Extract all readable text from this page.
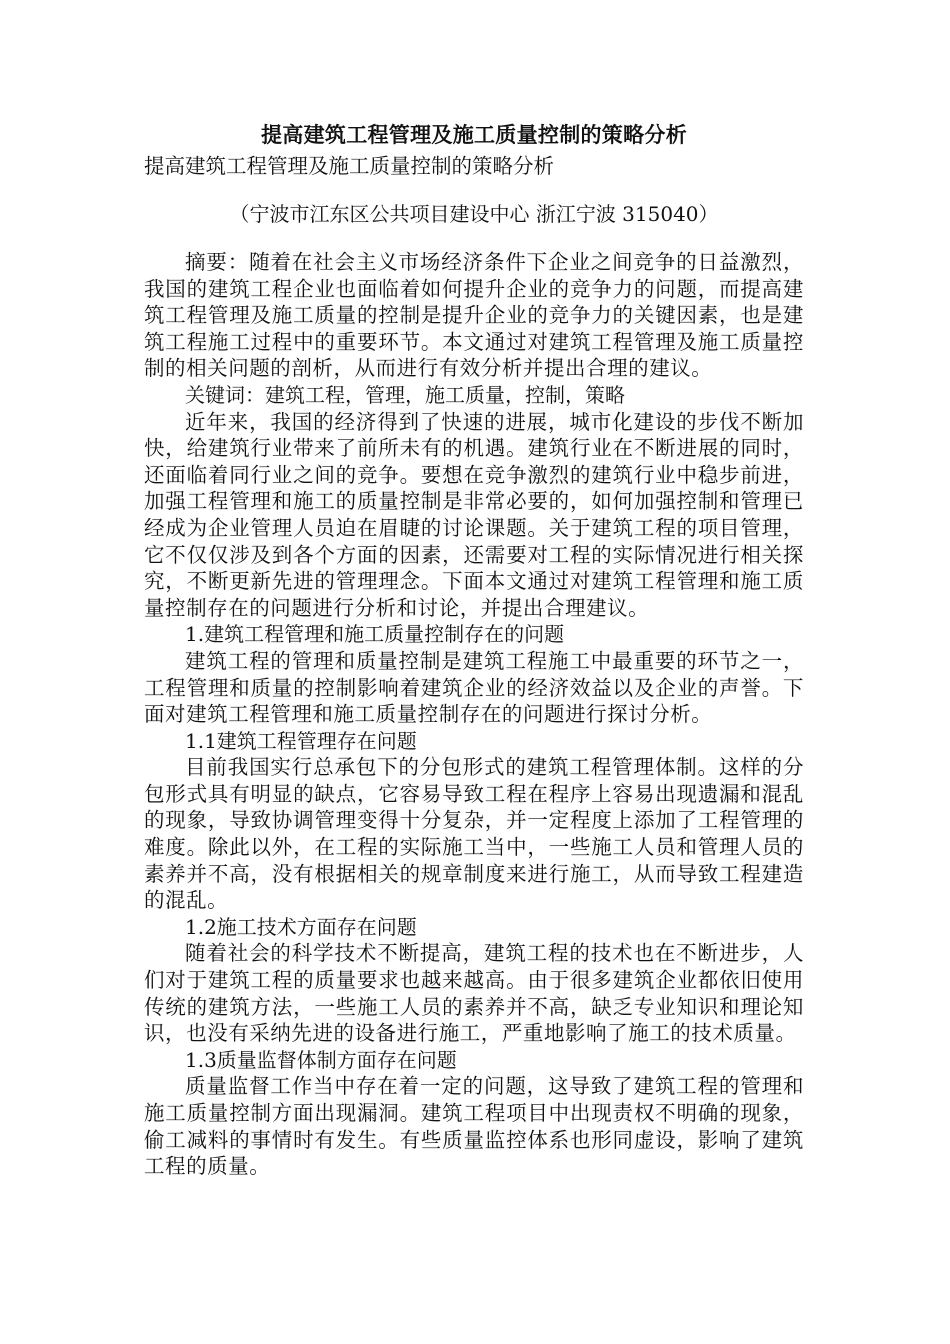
提高建筑工程管理及施工质量控制的策略分析

提高建筑工程管理及施工质量控制的策略分析

（宁波市江东区公共项目建设中心 浙江宁波 315040）

摘要：随着在社会主义市场经济条件下企业之间竞争的日益激烈，我国的建筑工程企业也面临着如何提升企业的竞争力的问题，而提高建筑工程管理及施工质量的控制是提升企业的竞争力的关键因素，也是建筑工程施工过程中的重要环节。本文通过对建筑工程管理及施工质量控制的相关问题的剖析，从而进行有效分析并提出合理的建议。

关键词：建筑工程，管理，施工质量，控制，策略

近年来，我国的经济得到了快速的进展，城市化建设的步伐不断加快，给建筑行业带来了前所未有的机遇。建筑行业在不断进展的同时，还面临着同行业之间的竞争。要想在竞争激烈的建筑行业中稳步前进，加强工程管理和施工的质量控制是非常必要的，如何加强控制和管理已经成为企业管理人员迫在眉睫的讨论课题。关于建筑工程的项目管理，它不仅仅涉及到各个方面的因素，还需要对工程的实际情况进行相关探究，不断更新先进的管理理念。下面本文通过对建筑工程管理和施工质量控制存在的问题进行分析和讨论，并提出合理建议。

1.建筑工程管理和施工质量控制存在的问题

建筑工程的管理和质量控制是建筑工程施工中最重要的环节之一，工程管理和质量的控制影响着建筑企业的经济效益以及企业的声誉。下面对建筑工程管理和施工质量控制存在的问题进行探讨分析。

1.1建筑工程管理存在问题

目前我国实行总承包下的分包形式的建筑工程管理体制。这样的分包形式具有明显的缺点，它容易导致工程在程序上容易出现遗漏和混乱的现象，导致协调管理变得十分复杂，并一定程度上添加了工程管理的难度。除此以外，在工程的实际施工当中，一些施工人员和管理人员的素养并不高，没有根据相关的规章制度来进行施工，从而导致工程建造的混乱。

1.2施工技术方面存在问题

随着社会的科学技术不断提高，建筑工程的技术也在不断进步，人们对于建筑工程的质量要求也越来越高。由于很多建筑企业都依旧使用传统的建筑方法，一些施工人员的素养并不高，缺乏专业知识和理论知识，也没有采纳先进的设备进行施工，严重地影响了施工的技术质量。

1.3质量监督体制方面存在问题

质量监督工作当中存在着一定的问题，这导致了建筑工程的管理和施工质量控制方面出现漏洞。建筑工程项目中出现责权不明确的现象，偷工减料的事情时有发生。有些质量监控体系也形同虚设，影响了建筑工程的质量。
